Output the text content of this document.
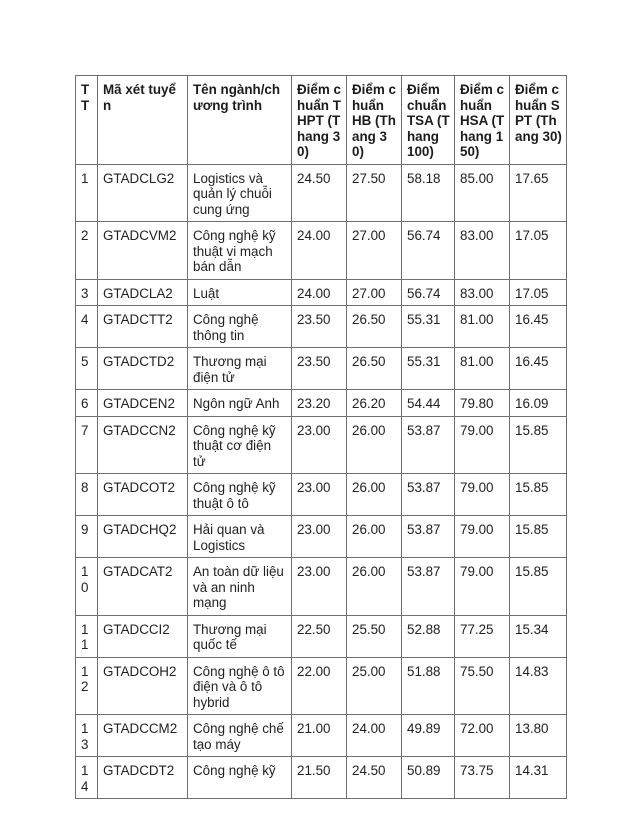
TT	Mã xét tuyển	Tên ngành/chương trình	Điểm chuẩn THPT (Thang 30)	Điểm chuẩn HB (Thang 30)	Điểm chuẩn TSA (Thang 100)	Điểm chuẩn HSA (Thang 150)	Điểm chuẩn SPT (Thang 30)
1	GTADCLG2	Logistics và quản lý chuỗi cung ứng	24.50	27.50	58.18	85.00	17.65
2	GTADCVM2	Công nghệ kỹ thuật vi mạch bán dẫn	24.00	27.00	56.74	83.00	17.05
3	GTADCLA2	Luật	24.00	27.00	56.74	83.00	17.05
4	GTADCTT2	Công nghệ thông tin	23.50	26.50	55.31	81.00	16.45
5	GTADCTD2	Thương mại điện tử	23.50	26.50	55.31	81.00	16.45
6	GTADCEN2	Ngôn ngữ Anh	23.20	26.20	54.44	79.80	16.09
7	GTADCCN2	Công nghệ kỹ thuật cơ điện tử	23.00	26.00	53.87	79.00	15.85
8	GTADCOT2	Công nghệ kỹ thuật ô tô	23.00	26.00	53.87	79.00	15.85
9	GTADCHQ2	Hải quan và Logistics	23.00	26.00	53.87	79.00	15.85
10	GTADCAT2	An toàn dữ liệu và an ninh mạng	23.00	26.00	53.87	79.00	15.85
11	GTADCCI2	Thương mại quốc tế	22.50	25.50	52.88	77.25	15.34
12	GTADCOH2	Công nghệ ô tô điện và ô tô hybrid	22.00	25.00	51.88	75.50	14.83
13	GTADCCM2	Công nghệ chế tạo máy	21.00	24.00	49.89	72.00	13.80
14	GTADCDT2	Công nghệ kỹ	21.50	24.50	50.89	73.75	14.31
